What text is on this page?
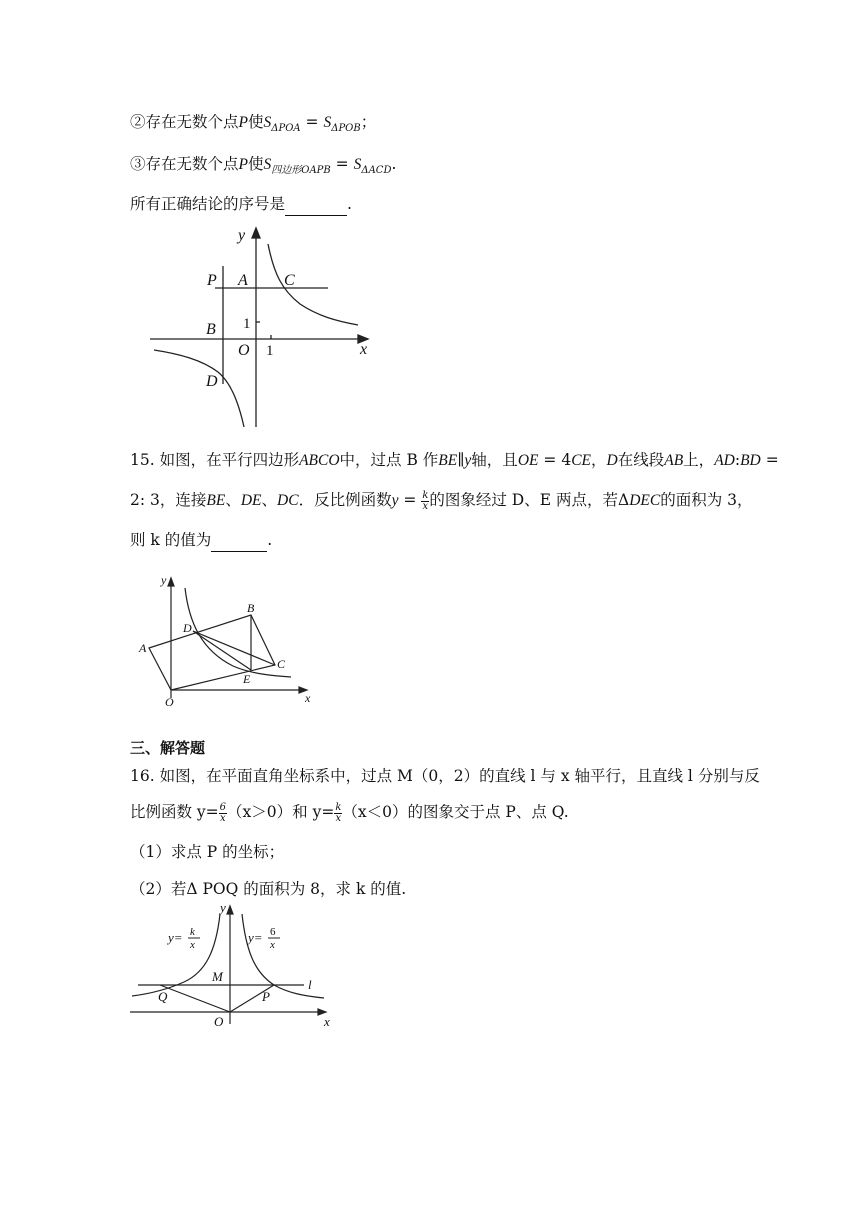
②存在无数个点P使$S_{\Delta POA} = S_{\Delta POB}$；
③存在无数个点P使$S_{四边形OAPB} = S_{\Delta ACD}$.
所有正确结论的序号是	.
y
x
P A C
B
O
D
1
1
15. 如图，在平行四边形ABCO中，过点 B 作BE∥y轴，且OE = 4CE，D在线段AB上，AD:BD =
2: 3，连接BE、DE、DC．反比例函数$y = \frac{k}{x}$ 的图象经过 D、E 两点，若ΔDEC的面积为 3，
则 k 的值为	.
y
B
D
A
C
E
O	x
三、解答题
16. 如图，在平面直角坐标系中，过点 M（0，2）的直线 l 与 x 轴平行，且直线 l 分别与反
比例函数 $y= \frac{6}{x} (x>0)$和 $y= \frac{k}{x} (x<0)$的图象交于点 P、点 Q.
（1）求点 P 的坐标；
（2）若Δ POQ 的面积为 8，求 k 的值.
y
y= k
x	y= 6
x
M
l
Q	P
O	x
